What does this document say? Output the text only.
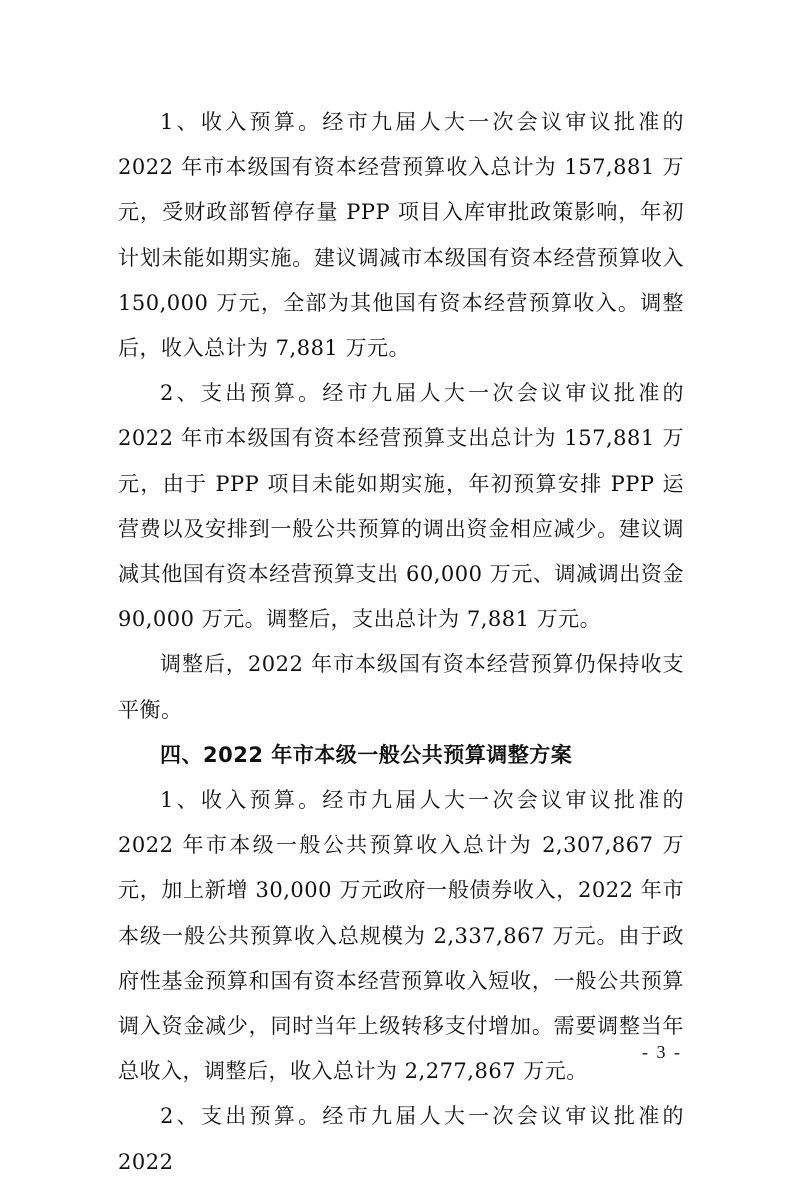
1、收入预算。经市九届人大一次会议审议批准的 2022 年市本级国有资本经营预算收入总计为 157,881 万元，受财政部暂停存量 PPP 项目入库审批政策影响，年初计划未能如期实施。建议调减市本级国有资本经营预算收入 150,000 万元，全部为其他国有资本经营预算收入。调整后，收入总计为 7,881 万元。

2、支出预算。经市九届人大一次会议审议批准的 2022 年市本级国有资本经营预算支出总计为 157,881 万元，由于 PPP 项目未能如期实施，年初预算安排 PPP 运营费以及安排到一般公共预算的调出资金相应减少。建议调减其他国有资本经营预算支出 60,000 万元、调减调出资金 90,000 万元。调整后，支出总计为 7,881 万元。

调整后，2022 年市本级国有资本经营预算仍保持收支平衡。

四、2022 年市本级一般公共预算调整方案

1、收入预算。经市九届人大一次会议审议批准的 2022 年市本级一般公共预算收入总计为 2,307,867 万元，加上新增 30,000 万元政府一般债券收入，2022 年市本级一般公共预算收入总规模为 2,337,867 万元。由于政府性基金预算和国有资本经营预算收入短收，一般公共预算调入资金减少，同时当年上级转移支付增加。需要调整当年总收入，调整后，收入总计为 2,277,867 万元。

2、支出预算。经市九届人大一次会议审议批准的 2022

- 3 -
